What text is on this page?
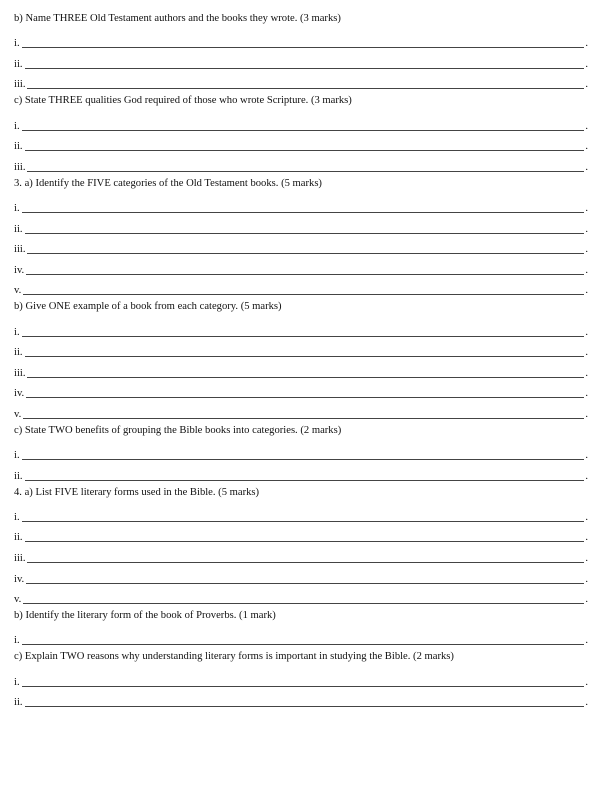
b) Name THREE Old Testament authors and the books they wrote. (3 marks)
i.	.
ii.	.
iii.	.
c) State THREE qualities God required of those who wrote Scripture. (3 marks)
i.	.
ii.	.
iii.	.
3. a) Identify the FIVE categories of the Old Testament books. (5 marks)
i.	.
ii.	.
iii.	.
iv.	.
v.	.
b) Give ONE example of a book from each category. (5 marks)
i.	.
ii.	.
iii.	.
iv.	.
v.	.
c) State TWO benefits of grouping the Bible books into categories. (2 marks)
i.	.
ii.	.
4. a) List FIVE literary forms used in the Bible. (5 marks)
i.	.
ii.	.
iii.	.
iv.	.
v.	.
b) Identify the literary form of the book of Proverbs. (1 mark)
i.	.
c) Explain TWO reasons why understanding literary forms is important in studying the Bible. (2 marks)
i.	.
ii.	.
